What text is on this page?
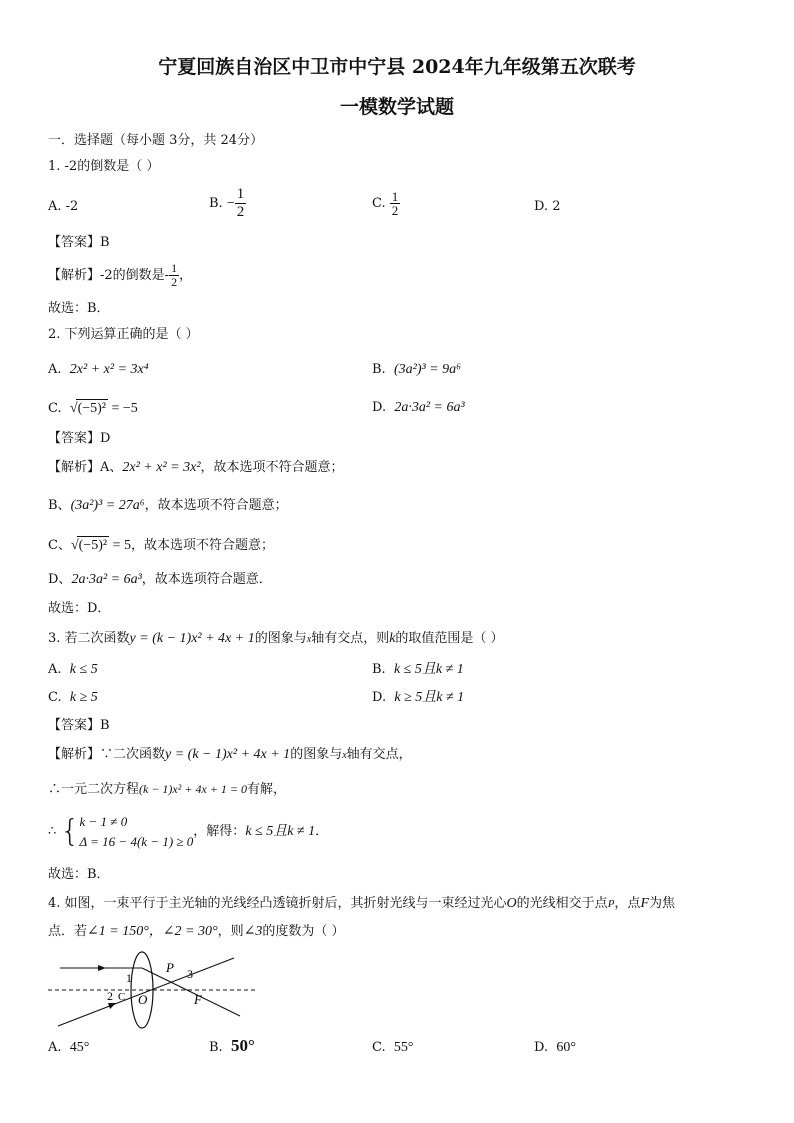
宁夏回族自治区中卫市中宁县 2024年九年级第五次联考
一模数学试题
一．选择题（每小题 3分，共 24分）
1. -2的倒数是（ ）
A. -2	B. − $\frac{1}{2}$	C. $\frac{1}{2}$	D. 2
【答案】B
【解析】-2的倒数是- $\frac{1}{2}$ ，
故选：B．
2. 下列运算正确的是（ ）
A. 2x² + x² = 3x⁴	B. (3a²)³ = 9a⁶
C. √(−5)² = −5	D. 2a·3a² = 6a³
【答案】D
【解析】A、2x² + x² = 3x²，故本选项不符合题意；
B、(3a²)³ = 27a⁶，故本选项不符合题意；
C、√(−5)² = 5，故本选项不符合题意；
D、2a·3a² = 6a³，故本选项符合题意．
故选：D．
3. 若二次函数y = (k − 1)x² + 4x + 1的图象与x轴有交点，则k的取值范围是（ ）
A. k ≤ 5	B. k ≤ 5且k ≠ 1
C. k ≥ 5	D. k ≥ 5且k ≠ 1
【答案】B
【解析】∵二次函数y = (k − 1)x² + 4x + 1的图象与x轴有交点，
∴一元二次方程(k − 1)x² + 4x + 1 = 0有解，
∴ { k − 1 ≠ 0
Δ = 16 − 4(k − 1) ≥ 0
，解得：k ≤ 5且k ≠ 1．
故选：B．
4. 如图，一束平行于主光轴的光线经凸透镜折射后，其折射光线与一束经过光心O的光线相交于点P，点F为焦
点．若∠1 = 150°，∠2 = 30°，则∠3的度数为（ ）
1
2 C
3
P
O	F
A. 45°	B. 50°	C. 55°	D. 60°
